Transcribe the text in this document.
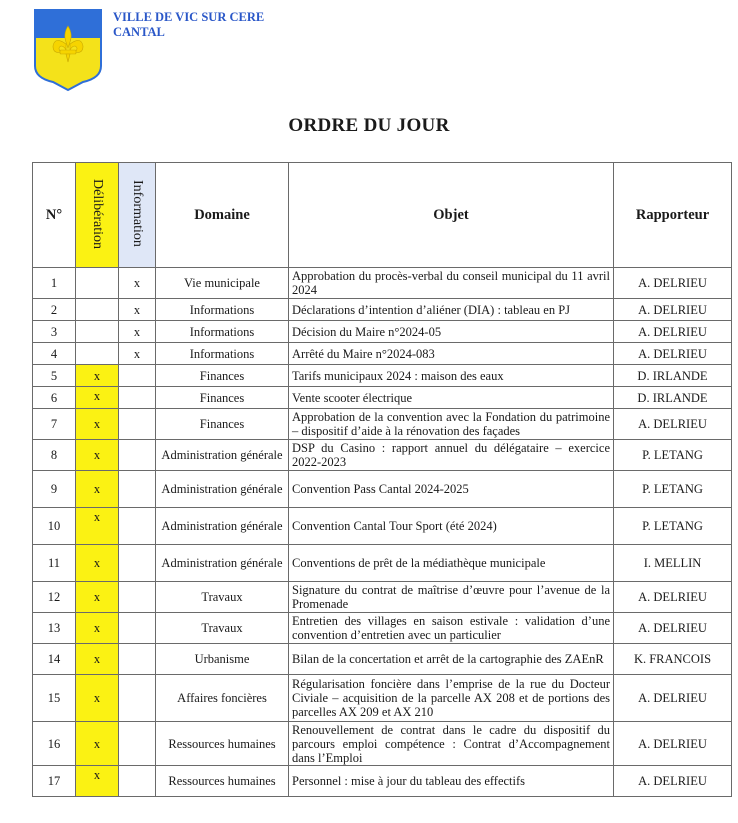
VILLE DE VIC SUR CERE
CANTAL
ORDRE DU JOUR
N°	Délibération	Information	Domaine	Objet	Rapporteur
1		x	Vie municipale	Approbation du procès-verbal du conseil municipal du 11 avril 2024	A. DELRIEU
2		x	Informations	Déclarations d’intention d’aliéner (DIA) : tableau en PJ	A. DELRIEU
3		x	Informations	Décision du Maire n°2024-05	A. DELRIEU
4		x	Informations	Arrêté du Maire n°2024-083	A. DELRIEU
5	x		Finances	Tarifs municipaux 2024 : maison des eaux	D. IRLANDE
6	x		Finances	Vente scooter électrique	D. IRLANDE
7	x		Finances	Approbation de la convention avec la Fondation du patrimoine – dispositif d’aide à la rénovation des façades	A. DELRIEU
8	x		Administration générale	DSP du Casino : rapport annuel du délégataire – exercice 2022-2023	P. LETANG
9	x		Administration générale	Convention Pass Cantal 2024-2025	P. LETANG
10	x		Administration générale	Convention Cantal Tour Sport (été 2024)	P. LETANG
11	x		Administration générale	Conventions de prêt de la médiathèque municipale	I. MELLIN
12	x		Travaux	Signature du contrat de maîtrise d’œuvre pour l’avenue de la Promenade	A. DELRIEU
13	x		Travaux	Entretien des villages en saison estivale : validation d’une convention d’entretien avec un particulier	A. DELRIEU
14	x		Urbanisme	Bilan de la concertation et arrêt de la cartographie des ZAEnR	K. FRANCOIS
15	x		Affaires foncières	Régularisation foncière dans l’emprise de la rue du Docteur Civiale – acquisition de la parcelle AX 208 et de portions des parcelles AX 209 et AX 210	A. DELRIEU
16	x		Ressources humaines	Renouvellement de contrat dans le cadre du dispositif du parcours emploi compétence : Contrat d’Accompagnement dans l’Emploi	A. DELRIEU
17	x		Ressources humaines	Personnel : mise à jour du tableau des effectifs	A. DELRIEU
